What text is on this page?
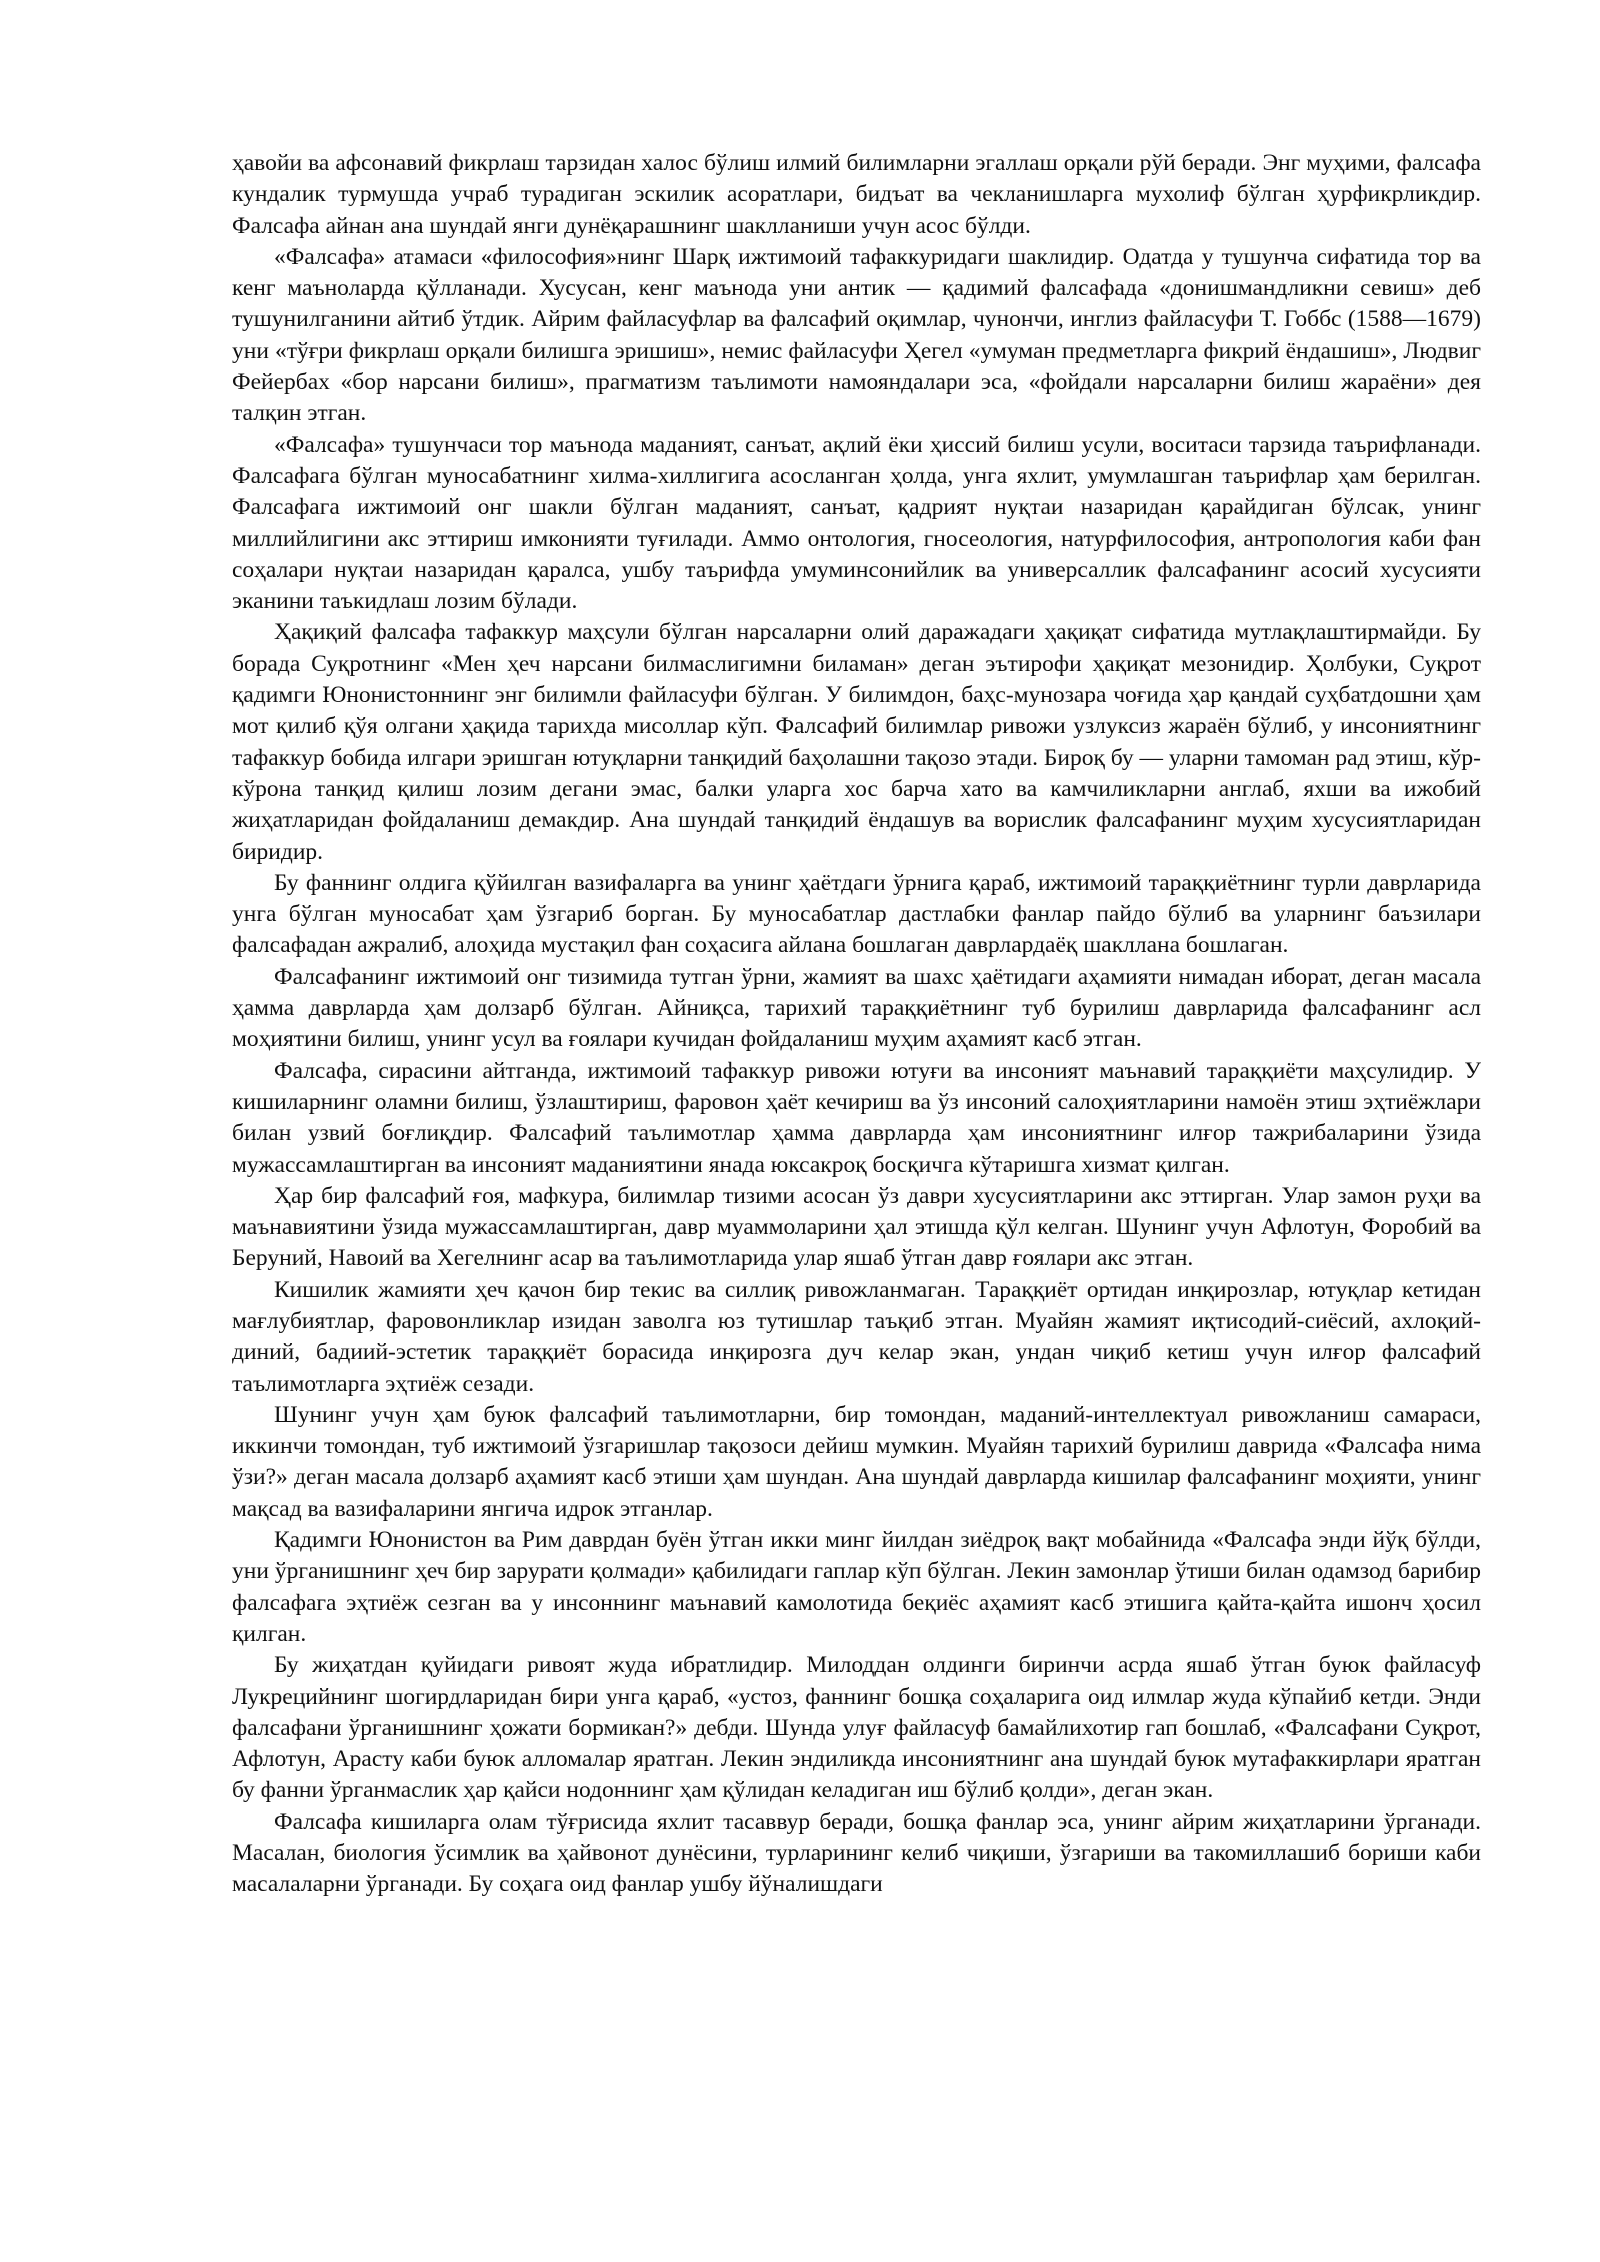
ҳавойи ва афсонавий фикрлаш тарзидан халос бўлиш илмий билимларни эгаллаш орқали рўй беради. Энг муҳими, фалсафа кундалик турмушда учраб турадиган эскилик асоратлари, бидъат ва чекланишларга мухолиф бўлган ҳурфикрликдир. Фалсафа айнан ана шундай янги дунёқарашнинг шаклланиши учун асос бўлди.

«Фалсафа» атамаси «философия»нинг Шарқ ижтимоий тафаккуридаги шаклидир. Одатда у тушунча сифатида тор ва кенг маъноларда қўлланади. Хусусан, кенг маънода уни антик — қадимий фалсафада «донишмандликни севиш» деб тушунилганини айтиб ўтдик. Айрим файласуфлар ва фалсафий оқимлар, чунончи, инглиз файласуфи Т. Гоббс (1588—1679) уни «тўғри фикрлаш орқали билишга эришиш», немис файласуфи Ҳегел «умуман предметларга фикрий ёндашиш», Людвиг Фейербах «бор нарсани билиш», прагматизм таълимоти намояндалари эса, «фойдали нарсаларни билиш жараёни» дея талқин этган.

«Фалсафа» тушунчаси тор маънода маданият, санъат, ақлий ёки ҳиссий билиш усули, воситаси тарзида таърифланади. Фалсафага бўлган муносабатнинг хилма-хиллигига асосланган ҳолда, унга яхлит, умумлашган таърифлар ҳам берилган. Фалсафага ижтимоий онг шакли бўлган маданият, санъат, қадрият нуқтаи назаридан қарайдиган бўлсак, унинг миллийлигини акс эттириш имконияти туғилади. Аммо онтология, гносеология, натурфилософия, антропология каби фан соҳалари нуқтаи назаридан қаралса, ушбу таърифда умуминсонийлик ва универсаллик фалсафанинг асосий хусусияти эканини таъкидлаш лозим бўлади.

Ҳақиқий фалсафа тафаккур маҳсули бўлган нарсаларни олий даражадаги ҳақиқат сифатида мутлақлаштирмайди. Бу борада Суқротнинг «Мен ҳеч нарсани билмаслигимни биламан» деган эътирофи ҳақиқат мезонидир. Ҳолбуки, Суқрот қадимги Юнонистоннинг энг билимли файласуфи бўлган. У билимдон, баҳс-мунозара чоғида ҳар қандай суҳбатдошни ҳам мот қилиб қўя олгани ҳақида тарихда мисоллар кўп. Фалсафий билимлар ривожи узлуксиз жараён бўлиб, у инсониятнинг тафаккур бобида илгари эришган ютуқларни танқидий баҳолашни тақозо этади. Бироқ бу — уларни тамоман рад этиш, кўр-кўрона танқид қилиш лозим дегани эмас, балки уларга хос барча хато ва камчиликларни англаб, яхши ва ижобий жиҳатларидан фойдаланиш демакдир. Ана шундай танқидий ёндашув ва ворислик фалсафанинг муҳим хусусиятларидан биридир.

Бу фаннинг олдига қўйилган вазифаларга ва унинг ҳаётдаги ўрнига қараб, ижтимоий тараққиётнинг турли даврларида унга бўлган муносабат ҳам ўзгариб борган. Бу муносабатлар дастлабки фанлар пайдо бўлиб ва уларнинг баъзилари фалсафадан ажралиб, алоҳида мустақил фан соҳасига айлана бошлаган даврлардаёқ шакллана бошлаган.

Фалсафанинг ижтимоий онг тизимида тутган ўрни, жамият ва шахс ҳаётидаги аҳамияти нимадан иборат, деган масала ҳамма даврларда ҳам долзарб бўлган. Айниқса, тарихий тараққиётнинг туб бурилиш даврларида фалсафанинг асл моҳиятини билиш, унинг усул ва ғоялари кучидан фойдаланиш муҳим аҳамият касб этган.

Фалсафа, сирасини айтганда, ижтимоий тафаккур ривожи ютуғи ва инсоният маънавий тараққиёти маҳсулидир. У кишиларнинг оламни билиш, ўзлаштириш, фаровон ҳаёт кечириш ва ўз инсоний салоҳиятларини намоён этиш эҳтиёжлари билан узвий боғлиқдир. Фалсафий таълимотлар ҳамма даврларда ҳам инсониятнинг илғор тажрибаларини ўзида мужассамлаштирган ва инсоният маданиятини янада юксакроқ босқичга кўтаришга хизмат қилган.

Ҳар бир фалсафий ғоя, мафкура, билимлар тизими асосан ўз даври хусусиятларини акс эттирган. Улар замон руҳи ва маънавиятини ўзида мужассамлаштирган, давр муаммоларини ҳал этишда қўл келган. Шунинг учун Афлотун, Форобий ва Беруний, Навоий ва Хегелнинг асар ва таълимотларида улар яшаб ўтган давр ғоялари акс этган.

Кишилик жамияти ҳеч қачон бир текис ва силлиқ ривожланмаган. Тараққиёт ортидан инқирозлар, ютуқлар кетидан мағлубиятлар, фаровонликлар изидан заволга юз тутишлар таъқиб этган. Муайян жамият иқтисодий-сиёсий, ахлоқий-диний, бадиий-эстетик тараққиёт борасида инқирозга дуч келар экан, ундан чиқиб кетиш учун илғор фалсафий таълимотларга эҳтиёж сезади.

Шунинг учун ҳам буюк фалсафий таълимотларни, бир томондан, маданий-интеллектуал ривожланиш самараси, иккинчи томондан, туб ижтимоий ўзгаришлар тақозоси дейиш мумкин. Муайян тарихий бурилиш даврида «Фалсафа нима ўзи?» деган масала долзарб аҳамият касб этиши ҳам шундан. Ана шундай даврларда кишилар фалсафанинг моҳияти, унинг мақсад ва вазифаларини янгича идрок этганлар.

Қадимги Юнонистон ва Рим даврдан буён ўтган икки минг йилдан зиёдроқ вақт мобайнида «Фалсафа энди йўқ бўлди, уни ўрганишнинг ҳеч бир зарурати қолмади» қабилидаги гаплар кўп бўлган. Лекин замонлар ўтиши билан одамзод барибир фалсафага эҳтиёж сезган ва у инсоннинг маънавий камолотида беқиёс аҳамият касб этишига қайта-қайта ишонч ҳосил қилган.

Бу жиҳатдан қуйидаги ривоят жуда ибратлидир. Милоддан олдинги биринчи асрда яшаб ўтган буюк файласуф Лукрецийнинг шогирдларидан бири унга қараб, «устоз, фаннинг бошқа соҳаларига оид илмлар жуда кўпайиб кетди. Энди фалсафани ўрганишнинг ҳожати бормикан?» дебди. Шунда улуғ файласуф бамайлихотир гап бошлаб, «Фалсафани Суқрот, Афлотун, Арасту каби буюк алломалар яратган. Лекин эндиликда инсониятнинг ана шундай буюк мутафаккирлари яратган бу фанни ўрганмаслик ҳар қайси нодоннинг ҳам қўлидан келадиган иш бўлиб қолди», деган экан.

Фалсафа кишиларга олам тўғрисида яхлит тасаввур беради, бошқа фанлар эса, унинг айрим жиҳатларини ўрганади. Масалан, биология ўсимлик ва ҳайвонот дунёсини, турларининг келиб чиқиши, ўзгариши ва такомиллашиб бориши каби масалаларни ўрганади. Бу соҳага оид фанлар ушбу йўналишдаги
